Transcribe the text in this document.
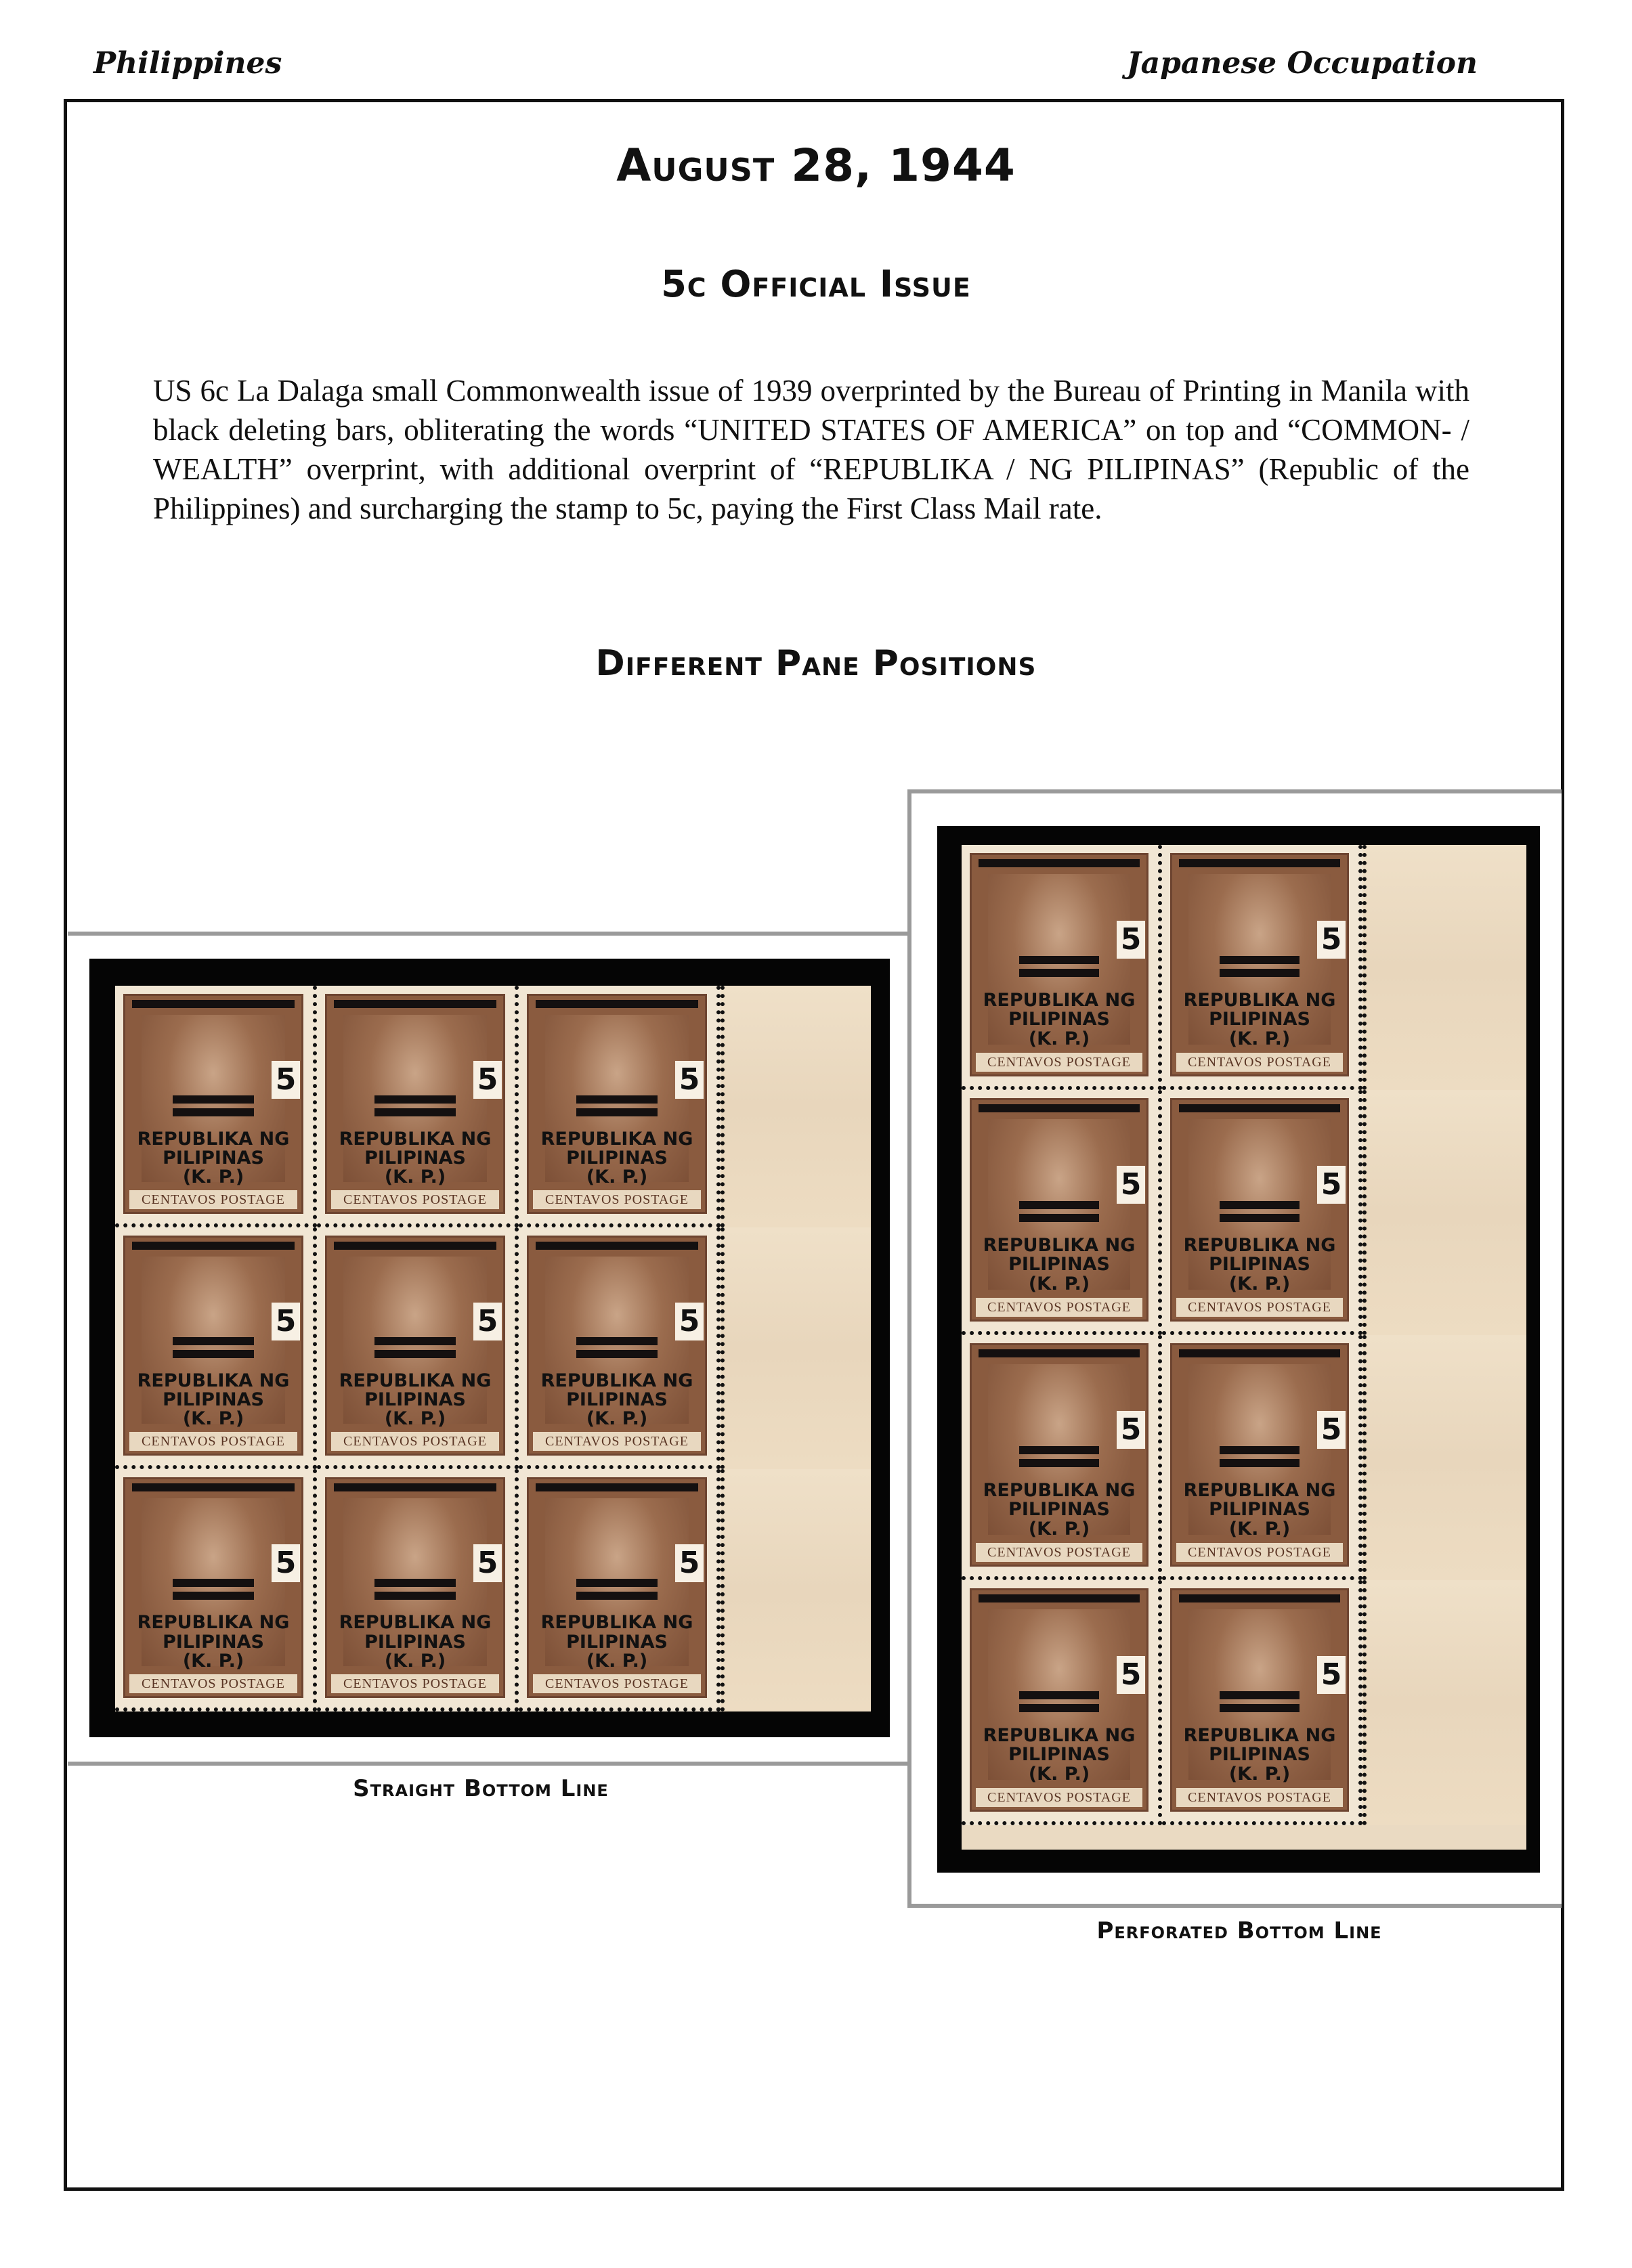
Philippines	Japanese Occupation
August 28, 1944
5c Official Issue

US 6c La Dalaga small Commonwealth issue of 1939 overprinted by the Bureau of Printing in Manila with black deleting bars, obliterating the words “UNITED STATES OF AMERICA” on top and “COMMON- / WEALTH” overprint, with additional overprint of “REPUBLIKA / NG PILIPINAS” (Republic of the Philippines) and surcharging the stamp to 5c, paying the First Class Mail rate.

Different Pane Positions
5
REPUBLIKA NG
PILIPINAS
(K. P.)
CENTAVOS POSTAGE
5
REPUBLIKA NG
PILIPINAS
(K. P.)
CENTAVOS POSTAGE
5
REPUBLIKA NG
PILIPINAS
(K. P.)
CENTAVOS POSTAGE
5
REPUBLIKA NG
PILIPINAS
(K. P.)
CENTAVOS POSTAGE
5
REPUBLIKA NG
PILIPINAS
(K. P.)
CENTAVOS POSTAGE
5
REPUBLIKA NG
PILIPINAS
(K. P.)
CENTAVOS POSTAGE
5
REPUBLIKA NG
PILIPINAS
(K. P.)
CENTAVOS POSTAGE
5
REPUBLIKA NG
PILIPINAS
(K. P.)
CENTAVOS POSTAGE
5
REPUBLIKA NG
PILIPINAS
(K. P.)
CENTAVOS POSTAGE
5
REPUBLIKA NG
PILIPINAS
(K. P.)
CENTAVOS POSTAGE
5
REPUBLIKA NG
PILIPINAS
(K. P.)
CENTAVOS POSTAGE
5
REPUBLIKA NG
PILIPINAS
(K. P.)
CENTAVOS POSTAGE
5
REPUBLIKA NG
PILIPINAS
(K. P.)
CENTAVOS POSTAGE
5
REPUBLIKA NG
PILIPINAS
(K. P.)
CENTAVOS POSTAGE
5
REPUBLIKA NG
PILIPINAS
(K. P.)
CENTAVOS POSTAGE
5
REPUBLIKA NG
PILIPINAS
(K. P.)
CENTAVOS POSTAGE
5
REPUBLIKA NG
PILIPINAS
(K. P.)
CENTAVOS POSTAGE
Straight Bottom Line
Perforated Bottom Line
